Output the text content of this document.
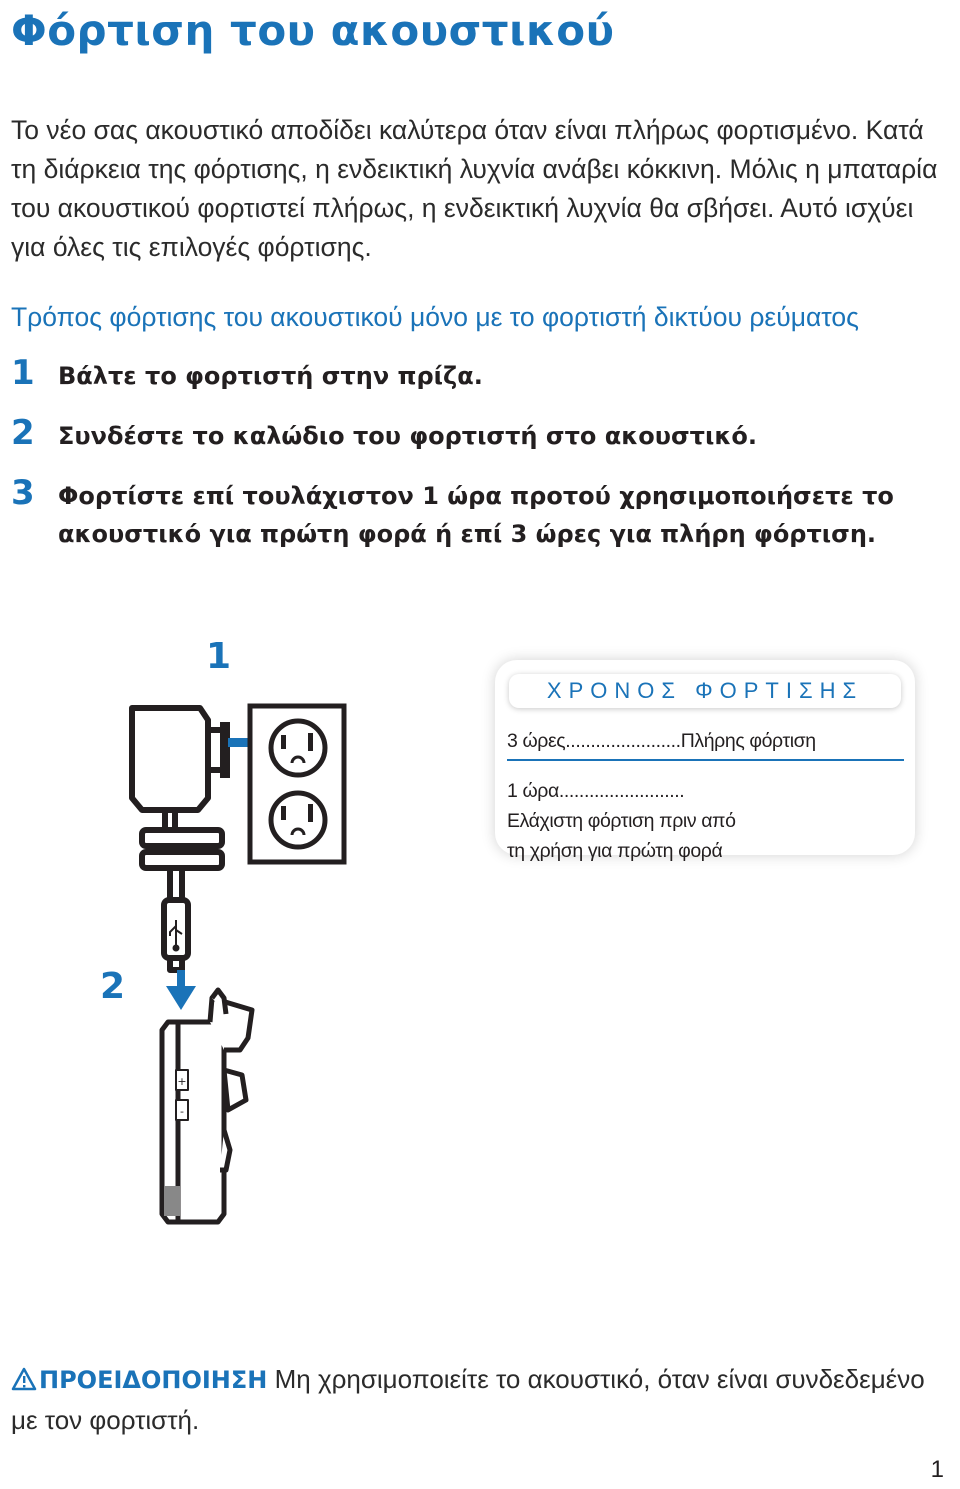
Φόρτιση του ακουστικού

Το νέο σας ακουστικό αποδίδει καλύτερα όταν είναι πλήρως φορτισμένο. Κατά τη διάρκεια της φόρτισης, η ενδεικτική λυχνία ανάβει κόκκινη. Μόλις η μπαταρία του ακουστικού φορτιστεί πλήρως, η ενδεικτική λυχνία θα σβήσει. Αυτό ισχύει για όλες τις επιλογές φόρτισης.

Τρόπος φόρτισης του ακουστικού μόνο με το φορτιστή δικτύου ρεύματος
1 Βάλτε το φορτιστή στην πρίζα.
2 Συνδέστε το καλώδιο του φορτιστή στο ακουστικό.
3 Φορτίστε επί τουλάχιστον 1 ώρα προτού χρησιμοποιήσετε το ακουστικό για πρώτη φορά ή επί 3 ώρες για πλήρη φόρτιση.
1
2
+
-
ΧΡΟΝΟΣ ΦΟΡΤΙΣΗΣ
3 ώρες.......................Πλήρης φόρτιση
1 ώρα.........................Ελάχιστη φόρτιση πριν από τη χρήση για πρώτη φορά
ΠΡΟΕΙΔΟΠΟΙΗΣΗ Μη χρησιμοποιείτε το ακουστικό, όταν είναι συνδεδεμένο με τον φορτιστή.
1
